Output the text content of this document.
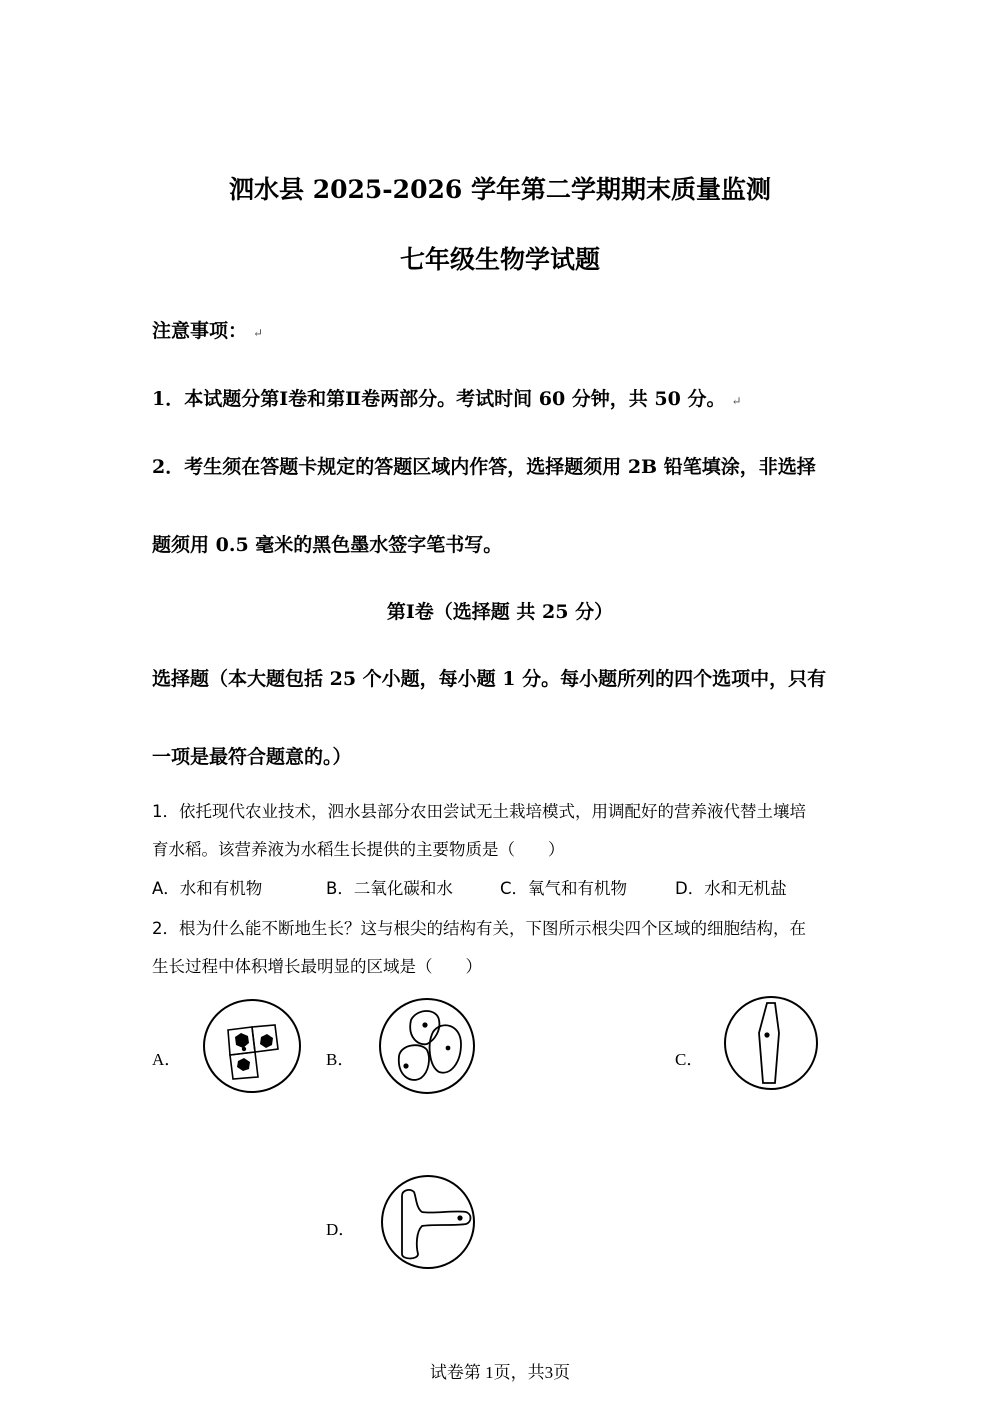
泗水县 2025-2026 学年第二学期期末质量监测
七年级生物学试题
注意事项： ↵
1．本试题分第Ⅰ卷和第Ⅱ卷两部分。考试时间 60 分钟，共 50 分。 ↵
2．考生须在答题卡规定的答题区域内作答，选择题须用 2B 铅笔填涂，非选择
题须用 0.5 毫米的黑色墨水签字笔书写。
第Ⅰ卷（选择题 共 25 分）
选择题（本大题包括 25 个小题，每小题 1 分。每小题所列的四个选项中，只有
一项是最符合题意的。）
1．依托现代农业技术，泗水县部分农田尝试无土栽培模式，用调配好的营养液代替土壤培
育水稻。该营养液为水稻生长提供的主要物质是（　　）
A．水和有机物	B．二氧化碳和水	C．氧气和有机物	D．水和无机盐
2．根为什么能不断地生长？这与根尖的结构有关，下图所示根尖四个区域的细胞结构，在
生长过程中体积增长最明显的区域是（　　）
A．	B．	C．
D．
试卷第 1页，共3页
